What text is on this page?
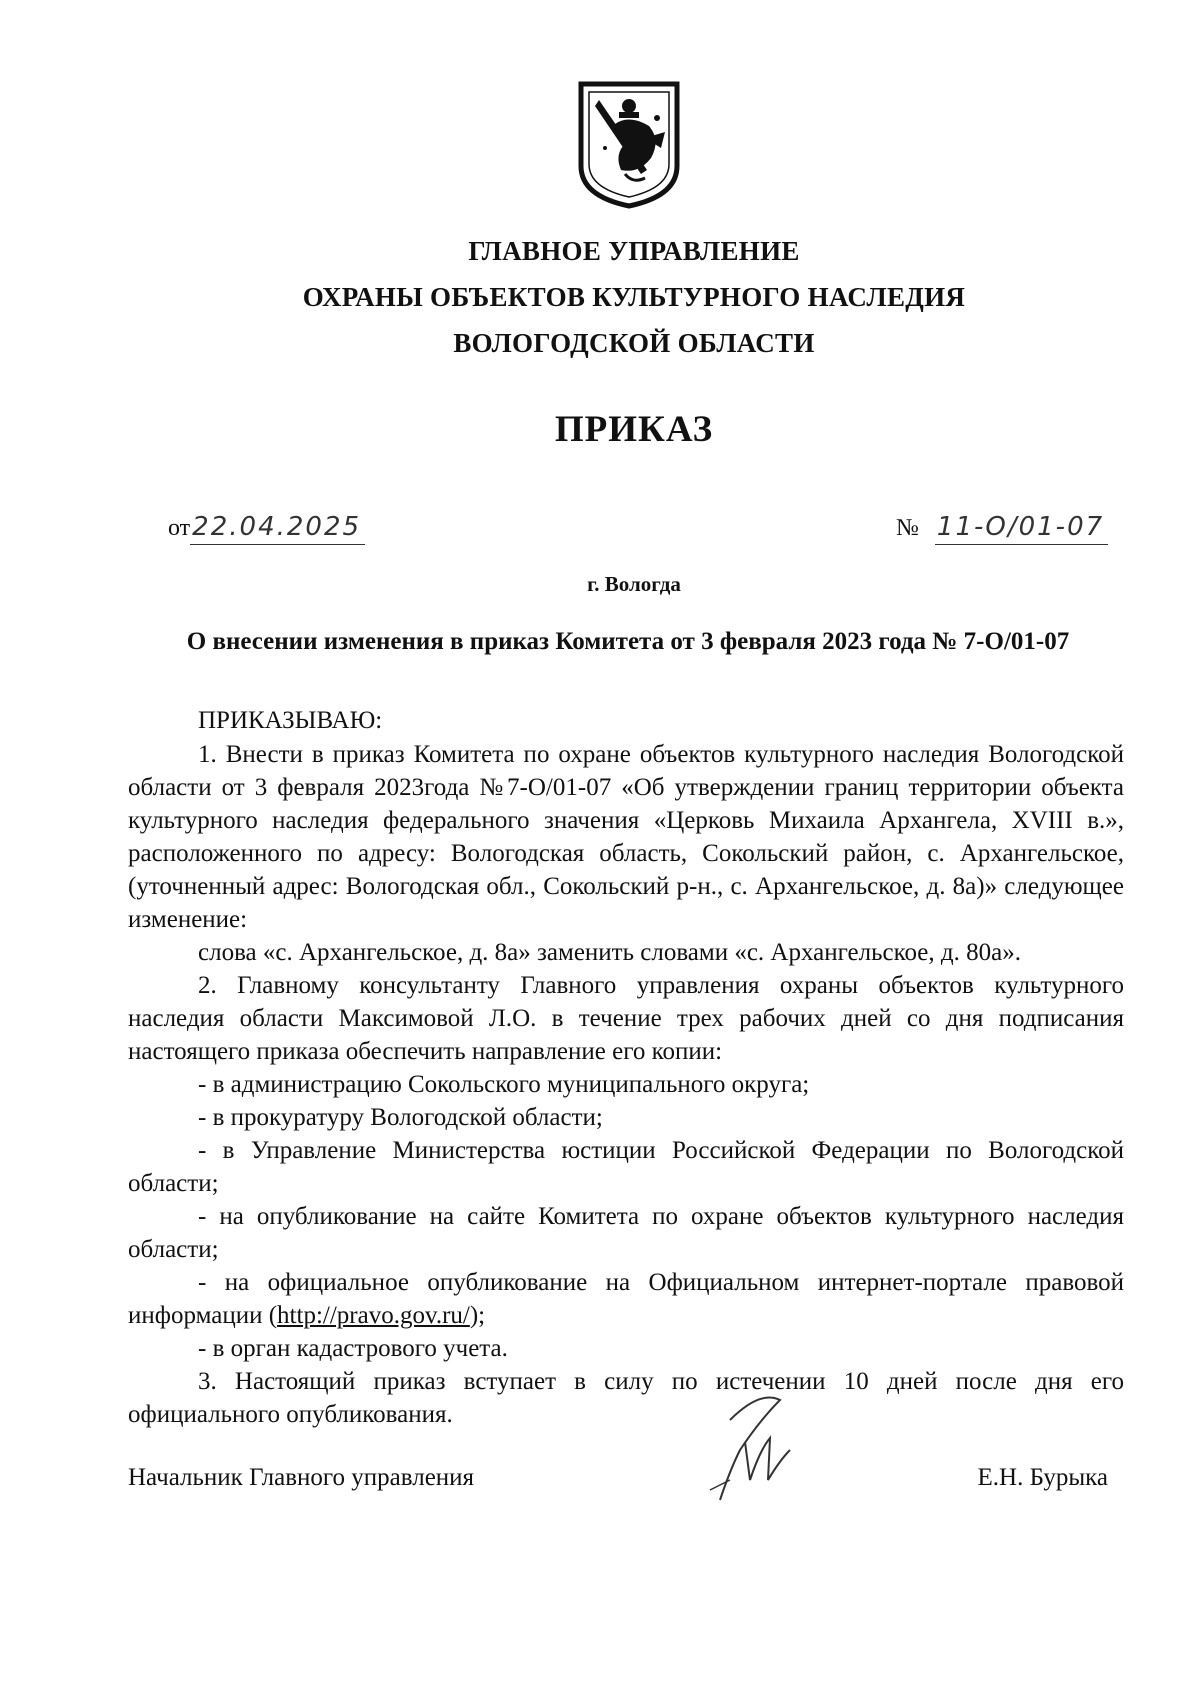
ГЛАВНОЕ УПРАВЛЕНИЕ
ОХРАНЫ ОБЪЕКТОВ КУЛЬТУРНОГО НАСЛЕДИЯ
ВОЛОГОДСКОЙ ОБЛАСТИ
ПРИКАЗ
от 22.04.2025	№ 11-О/01-07
г. Вологда
О внесении изменения в приказ Комитета от 3 февраля 2023 года № 7-О/01-07

ПРИКАЗЫВАЮ:

1. Внести в приказ Комитета по охране объектов культурного наследия Вологодской области от 3 февраля 2023года №7-О/01-07 «Об утверждении границ территории объекта культурного наследия федерального значения «Церковь Михаила Архангела, XVIII в.», расположенного по адресу: Вологодская область, Сокольский район, с. Архангельское, (уточненный адрес: Вологодская обл., Сокольский р-н., с. Архангельское, д. 8а)» следующее изменение:

слова «с. Архангельское, д. 8а» заменить словами «с. Архангельское, д. 80а».

2. Главному консультанту Главного управления охраны объектов культурного наследия области Максимовой Л.О. в течение трех рабочих дней со дня подписания настоящего приказа обеспечить направление его копии:

- в администрацию Сокольского муниципального округа;

- в прокуратуру Вологодской области;

- в Управление Министерства юстиции Российской Федерации по Вологодской области;

- на опубликование на сайте Комитета по охране объектов культурного наследия области;

- на официальное опубликование на Официальном интернет-портале правовой информации (http://pravo.gov.ru/);

- в орган кадастрового учета.

3. Настоящий приказ вступает в силу по истечении 10 дней после дня его официального опубликования.

Начальник Главного управления	Е.Н. Бурыка
